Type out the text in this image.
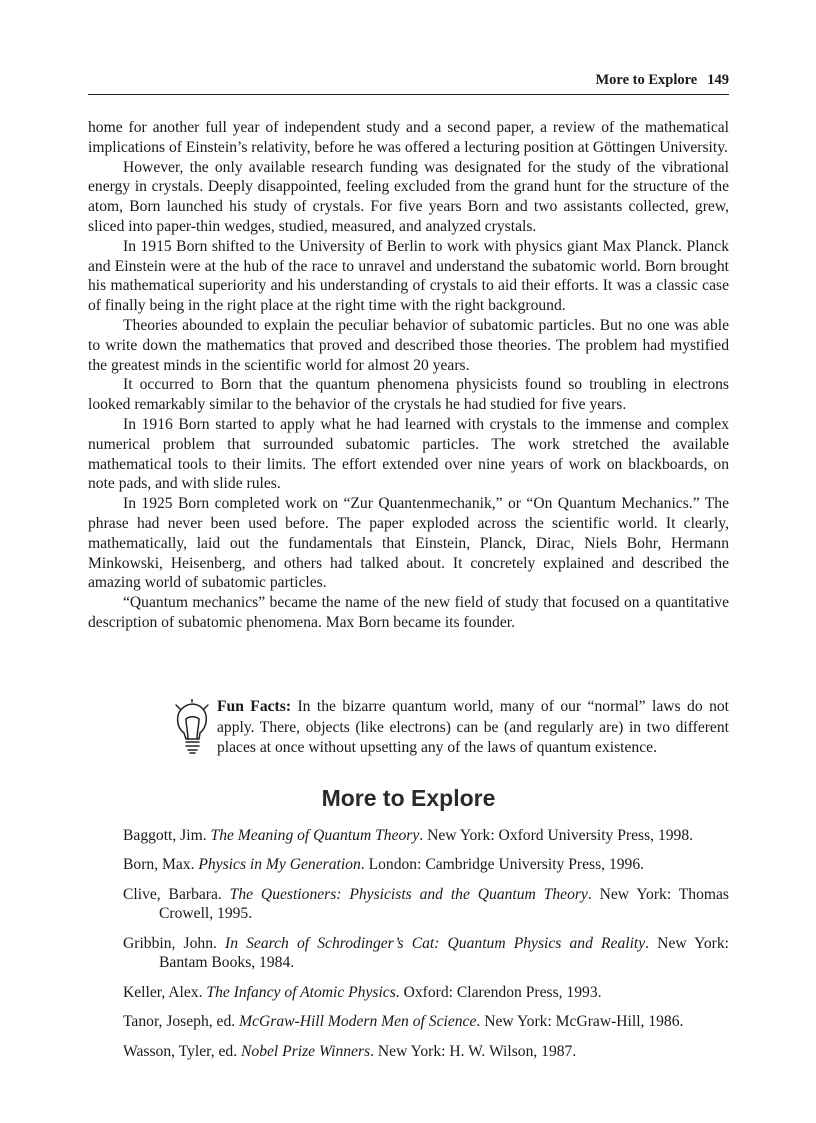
More to Explore 149

home for another full year of independent study and a second paper, a review of the mathematical implications of Einstein’s relativity, before he was offered a lecturing position at Göttingen University.

However, the only available research funding was designated for the study of the vibrational energy in crystals. Deeply disappointed, feeling excluded from the grand hunt for the structure of the atom, Born launched his study of crystals. For five years Born and two assistants collected, grew, sliced into paper-thin wedges, studied, measured, and analyzed crystals.

In 1915 Born shifted to the University of Berlin to work with physics giant Max Planck. Planck and Einstein were at the hub of the race to unravel and understand the subatomic world. Born brought his mathematical superiority and his understanding of crystals to aid their efforts. It was a classic case of finally being in the right place at the right time with the right background.

Theories abounded to explain the peculiar behavior of subatomic particles. But no one was able to write down the mathematics that proved and described those theories. The problem had mystified the greatest minds in the scientific world for almost 20 years.

It occurred to Born that the quantum phenomena physicists found so troubling in electrons looked remarkably similar to the behavior of the crystals he had studied for five years.

In 1916 Born started to apply what he had learned with crystals to the immense and complex numerical problem that surrounded subatomic particles. The work stretched the available mathematical tools to their limits. The effort extended over nine years of work on blackboards, on note pads, and with slide rules.

In 1925 Born completed work on “Zur Quantenmechanik,” or “On Quantum Mechanics.” The phrase had never been used before. The paper exploded across the scientific world. It clearly, mathematically, laid out the fundamentals that Einstein, Planck, Dirac, Niels Bohr, Hermann Minkowski, Heisenberg, and others had talked about. It concretely explained and described the amazing world of subatomic particles.

“Quantum mechanics” became the name of the new field of study that focused on a quantitative description of subatomic phenomena. Max Born became its founder.

Fun Facts: In the bizarre quantum world, many of our “normal” laws do not apply. There, objects (like electrons) can be (and regularly are) in two different places at once without upsetting any of the laws of quantum existence.
More to Explore

Baggott, Jim. The Meaning of Quantum Theory. New York: Oxford University Press, 1998.

Born, Max. Physics in My Generation. London: Cambridge University Press, 1996.

Clive, Barbara. The Questioners: Physicists and the Quantum Theory. New York: Thomas Crowell, 1995.

Gribbin, John. In Search of Schrodinger’s Cat: Quantum Physics and Reality. New York: Bantam Books, 1984.

Keller, Alex. The Infancy of Atomic Physics. Oxford: Clarendon Press, 1993.

Tanor, Joseph, ed. McGraw-Hill Modern Men of Science. New York: McGraw-Hill, 1986.

Wasson, Tyler, ed. Nobel Prize Winners. New York: H. W. Wilson, 1987.
